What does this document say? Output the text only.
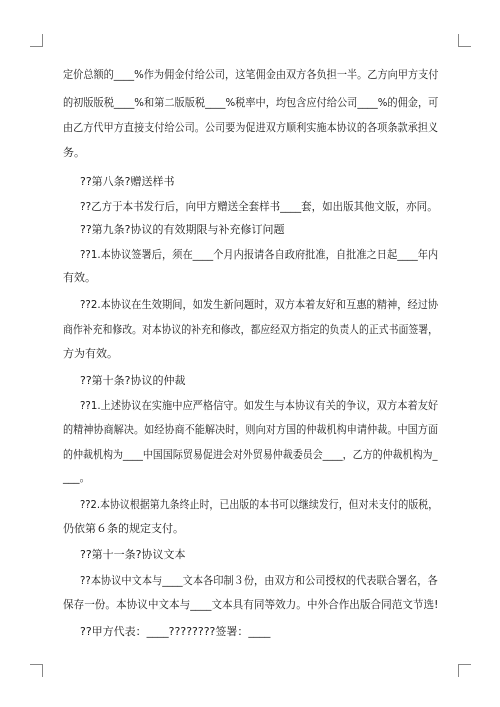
定价总额的____%作为佣金付给公司，这笔佣金由双方各负担一半。乙方向甲方支付
的初版版税____%和第二版版税____%税率中，均包含应付给公司____%的佣金，可
由乙方代甲方直接支付给公司。公司要为促进双方顺利实施本协议的各项条款承担义
务。
??第八条?赠送样书
??乙方于本书发行后，向甲方赠送全套样书____套，如出版其他文版，亦同。
??第九条?协议的有效期限与补充修订问题
??1.本协议签署后，须在____个月内报请各自政府批准，自批准之日起____年内
有效。
??2.本协议在生效期间，如发生新问题时，双方本着友好和互惠的精神，经过协
商作补充和修改。对本协议的补充和修改，都应经双方指定的负责人的正式书面签署，
方为有效。
??第十条?协议的仲裁
??1.上述协议在实施中应严格信守。如发生与本协议有关的争议，双方本着友好
的精神协商解决。如经协商不能解决时，则向对方国的仲裁机构申请仲裁。中国方面
的仲裁机构为____中国国际贸易促进会对外贸易仲裁委员会____，乙方的仲裁机构为_
___。
??2.本协议根据第九条终止时，已出版的本书可以继续发行，但对未支付的版税，
仍依第６条的规定支付。
??第十一条?协议文本
??本协议中文本与____文本各印制３份，由双方和公司授权的代表联合署名，各
保存一份。本协议中文本与____文本具有同等效力。中外合作出版合同范文节选!
??甲方代表：____????????签署：____
